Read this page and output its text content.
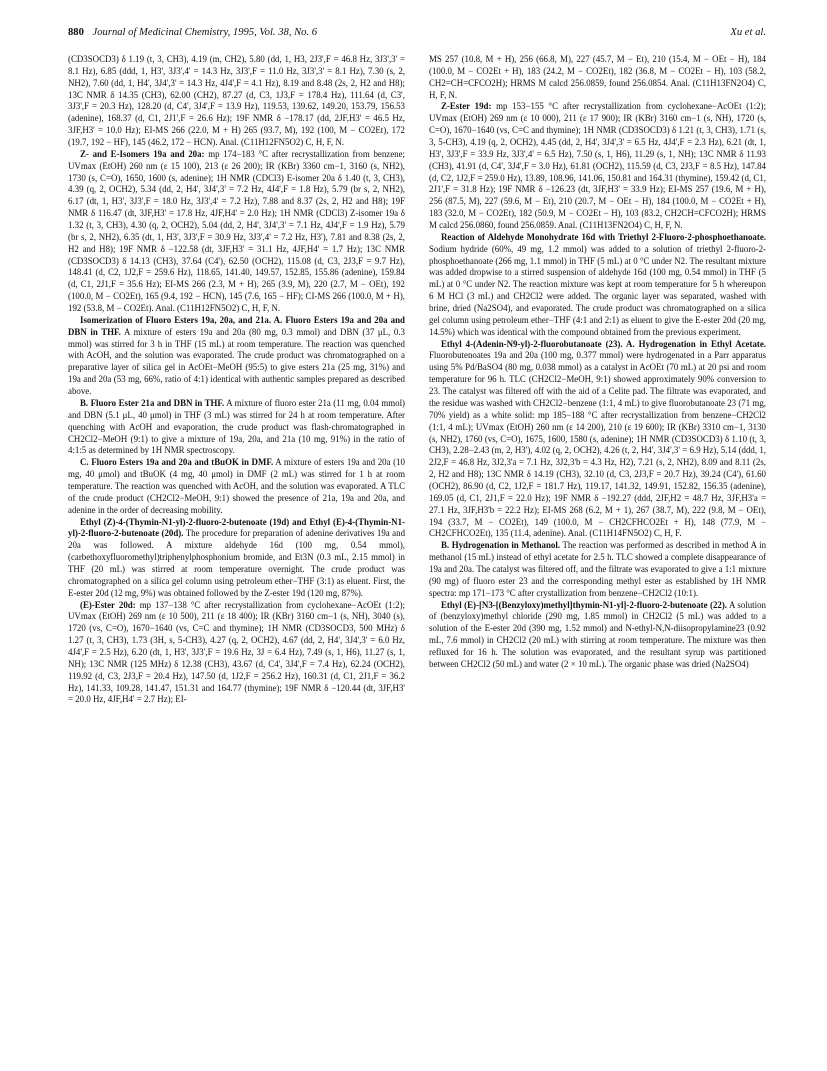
880 Journal of Medicinal Chemistry, 1995, Vol. 38, No. 6	Xu et al.

(CD3SOCD3) δ 1.19 (t, 3, CH3), 4.19 (m, CH2), 5.80 (dd, 1, H3, 2J3',F = 46.8 Hz, 3J3',3' = 8.1 Hz), 6.85 (ddd, 1, H3', 3J3',4' = 14.3 Hz, 3J3',F = 11.0 Hz, 3J3',3' = 8.1 Hz), 7.30 (s, 2, NH2), 7.60 (dd, 1, H4', 3J4',3' = 14.3 Hz, 4J4',F = 4.1 Hz), 8.19 and 8.48 (2s, 2, H2 and H8); 13C NMR δ 14.35 (CH3), 62.00 (CH2), 87.27 (d, C3, 1J3,F = 178.4 Hz), 111.64 (d, C3', 3J3',F = 20.3 Hz), 128.20 (d, C4', 3J4',F = 13.9 Hz), 119.53, 139.62, 149.20, 153.79, 156.53 (adenine), 168.37 (d, C1, 2J1',F = 26.6 Hz); 19F NMR δ −178.17 (dd, 2JF,H3' = 46.5 Hz, 3JF,H3' = 10.0 Hz); EI-MS 266 (22.0, M + H) 265 (93.7, M), 192 (100, M − CO2Et), 172 (19.7, 192 − HF), 145 (46.2, 172 − HCN). Anal. (C11H12FN5O2) C, H, F, N.

Z- and E-Isomers 19a and 20a: mp 174−183 °C after recrystallization from benzene; UVmax (EtOH) 260 nm (ε 15 100), 213 (ε 26 200); IR (KBr) 3360 cm−1, 3160 (s, NH2), 1730 (s, C=O), 1650, 1600 (s, adenine); 1H NMR (CDCl3) E-isomer 20a δ 1.40 (t, 3, CH3), 4.39 (q, 2, OCH2), 5.34 (dd, 2, H4', 3J4',3' = 7.2 Hz, 4J4',F = 1.8 Hz), 5.79 (br s, 2, NH2), 6.17 (dt, 1, H3', 3J3',F = 18.0 Hz, 3J3',4' = 7.2 Hz), 7.88 and 8.37 (2s, 2, H2 and H8); 19F NMR δ 116.47 (dt, 3JF,H3' = 17.8 Hz, 4JF,H4' = 2.0 Hz); 1H NMR (CDCl3) Z-isomer 19a δ 1.32 (t, 3, CH3), 4.30 (q, 2, OCH2), 5.04 (dd, 2, H4', 3J4',3' = 7.1 Hz, 4J4',F = 1.9 Hz), 5.79 (br s, 2, NH2), 6.35 (dt, 1, H3', 3J3',F = 30.9 Hz, 3J3',4' = 7.2 Hz, H3'), 7.81 and 8.38 (2s, 2, H2 and H8); 19F NMR δ −122.58 (dt, 3JF,H3' = 31.1 Hz, 4JF,H4' = 1.7 Hz); 13C NMR (CD3SOCD3) δ 14.13 (CH3), 37.64 (C4'), 62.50 (OCH2), 115.08 (d, C3, 2J3,F = 9.7 Hz), 148.41 (d, C2, 1J2,F = 259.6 Hz), 118.65, 141.40, 149.57, 152.85, 155.86 (adenine), 159.84 (d, C1, 2J1,F = 35.6 Hz); EI-MS 266 (2.3, M + H), 265 (3.9, M), 220 (2.7, M − OEt), 192 (100.0, M − CO2Et), 165 (9.4, 192 − HCN), 145 (7.6, 165 − HF); CI-MS 266 (100.0, M + H), 192 (53.8, M − CO2Et). Anal. (C11H12FN5O2) C, H, F, N.

Isomerization of Fluoro Esters 19a, 20a, and 21a. A. Fluoro Esters 19a and 20a and DBN in THF. A mixture of esters 19a and 20a (80 mg, 0.3 mmol) and DBN (37 μL, 0.3 mmol) was stirred for 3 h in THF (15 mL) at room temperature. The reaction was quenched with AcOH, and the solution was evaporated. The crude product was chromatographed on a preparative layer of silica gel in AcOEt−MeOH (95:5) to give esters 21a (25 mg, 31%) and 19a and 20a (53 mg, 66%, ratio of 4:1) identical with authentic samples prepared as described above.

B. Fluoro Ester 21a and DBN in THF. A mixture of fluoro ester 21a (11 mg, 0.04 mmol) and DBN (5.1 μL, 40 μmol) in THF (3 mL) was stirred for 24 h at room temperature. After quenching with AcOH and evaporation, the crude product was flash-chromatographed in CH2Cl2−MeOH (9:1) to give a mixture of 19a, 20a, and 21a (10 mg, 91%) in the ratio of 4:1:5 as determined by 1H NMR spectroscopy.

C. Fluoro Esters 19a and 20a and tBuOK in DMF. A mixture of esters 19a and 20a (10 mg, 40 μmol) and tBuOK (4 mg, 40 μmol) in DMF (2 mL) was stirred for 1 h at room temperature. The reaction was quenched with AcOH, and the solution was evaporated. A TLC of the crude product (CH2Cl2−MeOH, 9:1) showed the presence of 21a, 19a and 20a, and adenine in the order of decreasing mobility.

Ethyl (Z)-4-(Thymin-N1-yl)-2-fluoro-2-butenoate (19d) and Ethyl (E)-4-(Thymin-N1-yl)-2-fluoro-2-butenoate (20d). The procedure for preparation of adenine derivatives 19a and 20a was followed. A mixture aldehyde 16d (100 mg, 0.54 mmol), (carbethoxyfluoromethyl)triphenylphosphonium bromide, and Et3N (0.3 mL, 2.15 mmol) in THF (20 mL) was stirred at room temperature overnight. The crude product was chromatographed on a silica gel column using petroleum ether−THF (3:1) as eluent. First, the E-ester 20d (12 mg, 9%) was obtained followed by the Z-ester 19d (120 mg, 87%).

(E)-Ester 20d: mp 137−138 °C after recrystallization from cyclohexane−AcOEt (1:2); UVmax (EtOH) 269 nm (ε 10 500), 211 (ε 18 400); IR (KBr) 3160 cm−1 (s, NH), 3040 (s), 1720 (vs, C=O), 1670−1640 (vs, C=C and thymine); 1H NMR (CD3SOCD3, 500 MHz) δ 1.27 (t, 3, CH3), 1.73 (3H, s, 5-CH3), 4.27 (q, 2, OCH2), 4.67 (dd, 2, H4', 3J4',3' = 6.0 Hz, 4J4',F = 2.5 Hz), 6.20 (dt, 1, H3', 3J3',F = 19.6 Hz, 3J = 6.4 Hz), 7.49 (s, 1, H6), 11.27 (s, 1, NH); 13C NMR (125 MHz) δ 12.38 (CH3), 43.67 (d, C4', 3J4',F = 7.4 Hz), 62.24 (OCH2), 119.92 (d, C3, 2J3,F = 20.4 Hz), 147.50 (d, 1J2,F = 256.2 Hz), 160.31 (d, C1, 2J1,F = 36.2 Hz), 141.33, 109.28, 141.47, 151.31 and 164.77 (thymine); 19F NMR δ −120.44 (dt, 3JF,H3' = 20.0 Hz, 4JF,H4' = 2.7 Hz); EI-

MS 257 (10.8, M + H), 256 (66.8, M), 227 (45.7, M − Et), 210 (15.4, M − OEt − H), 184 (100.0, M − CO2Et + H), 183 (24.2, M − CO2Et), 182 (36.8, M − CO2Et − H), 103 (58.2, CH2=CH=CFCO2H); HRMS M calcd 256.0859, found 256.0854. Anal. (C11H13FN2O4) C, H, F, N.

Z-Ester 19d: mp 153−155 °C after recrystallization from cyclohexane−AcOEt (1:2); UVmax (EtOH) 269 nm (ε 10 000), 211 (ε 17 900); IR (KBr) 3160 cm−1 (s, NH), 1720 (s, C=O), 1670−1640 (vs, C=C and thymine); 1H NMR (CD3SOCD3) δ 1.21 (t, 3, CH3), 1.71 (s, 3, 5-CH3), 4.19 (q, 2, OCH2), 4.45 (dd, 2, H4', 3J4',3' = 6.5 Hz, 4J4',F = 2.3 Hz), 6.21 (dt, 1, H3', 3J3',F = 33.9 Hz, 3J3',4' = 6.5 Hz), 7.50 (s, 1, H6), 11.29 (s, 1, NH); 13C NMR δ 11.93 (CH3), 41.91 (d, C4', 3J4',F = 3.0 Hz), 61.81 (OCH2), 115.59 (d, C3, 2J3,F = 8.5 Hz), 147.84 (d, C2, 1J2,F = 259.0 Hz), 13.89, 108.96, 141.06, 150.81 and 164.31 (thymine), 159.42 (d, C1, 2J1',F = 31.8 Hz); 19F NMR δ −126.23 (dt, 3JF,H3' = 33.9 Hz); EI-MS 257 (19.6, M + H), 256 (87.5, M), 227 (59.6, M − Et), 210 (20.7, M − OEt − H), 184 (100.0, M − CO2Et + H), 183 (32.0, M − CO2Et), 182 (50.9, M − CO2Et − H), 103 (83.2, CH2CH=CFCO2H); HRMS M calcd 256.0860, found 256.0859. Anal. (C11H13FN2O4) C, H, F, N.

Reaction of Aldehyde Monohydrate 16d with Triethyl 2-Fluoro-2-phosphoethanoate. Sodium hydride (60%, 49 mg, 1.2 mmol) was added to a solution of triethyl 2-fluoro-2-phosphoethanoate (266 mg, 1.1 mmol) in THF (5 mL) at 0 °C under N2. The resultant mixture was added dropwise to a stirred suspension of aldehyde 16d (100 mg, 0.54 mmol) in THF (5 mL) at 0 °C under N2. The reaction mixture was kept at room temperature for 5 h whereupon 6 M HCl (3 mL) and CH2Cl2 were added. The organic layer was separated, washed with brine, dried (Na2SO4), and evaporated. The crude product was chromatographed on a silica gel column using petroleum ether−THF (4:1 and 2:1) as eluent to give the E-ester 20d (20 mg, 14.5%) which was identical with the compound obtained from the previous experiment.

Ethyl 4-(Adenin-N9-yl)-2-fluorobutanoate (23). A. Hydrogenation in Ethyl Acetate. Fluorobutenoates 19a and 20a (100 mg, 0.377 mmol) were hydrogenated in a Parr apparatus using 5% Pd/BaSO4 (80 mg, 0.038 mmol) as a catalyst in AcOEt (70 mL) at 20 psi and room temperature for 96 h. TLC (CH2Cl2−MeOH, 9:1) showed approximately 90% conversion to 23. The catalyst was filtered off with the aid of a Celite pad. The filtrate was evaporated, and the residue was washed with CH2Cl2−benzene (1:1, 4 mL) to give fluorobutanoate 23 (71 mg, 70% yield) as a white solid: mp 185−188 °C after recrystallization from benzene−CH2Cl2 (1:1, 4 mL); UVmax (EtOH) 260 nm (ε 14 200), 210 (ε 19 600); IR (KBr) 3310 cm−1, 3130 (s, NH2), 1760 (vs, C=O), 1675, 1600, 1580 (s, adenine); 1H NMR (CD3SOCD3) δ 1.10 (t, 3, CH3), 2.28−2.43 (m, 2, H3'), 4.02 (q, 2, OCH2), 4.26 (t, 2, H4', 3J4',3' = 6.9 Hz), 5.14 (ddd, 1, 2J2,F = 46.8 Hz, 3J2,3'a = 7.1 Hz, 3J2,3'b = 4.3 Hz, H2), 7.21 (s, 2, NH2), 8.09 and 8.11 (2s, 2, H2 and H8); 13C NMR δ 14.19 (CH3), 32.10 (d, C3, 2J3,F = 20.7 Hz), 39.24 (C4'), 61.60 (OCH2), 86.90 (d, C2, 1J2,F = 181.7 Hz), 119.17, 141.32, 149.91, 152.82, 156.35 (adenine), 169.05 (d, C1, 2J1,F = 22.0 Hz); 19F NMR δ −192.27 (ddd, 2JF,H2 = 48.7 Hz, 3JF,H3'a = 27.1 Hz, 3JF,H3'b = 22.2 Hz); EI-MS 268 (6.2, M + 1), 267 (38.7, M), 222 (9.8, M − OEt), 194 (33.7, M − CO2Et), 149 (100.0, M − CH2CFHCO2Et + H), 148 (77.9, M − CH2CFHCO2Et), 135 (11.4, adenine). Anal. (C11H14FN5O2) C, H, F.

B. Hydrogenation in Methanol. The reaction was performed as described in method A in methanol (15 mL) instead of ethyl acetate for 2.5 h. TLC showed a complete disappearance of 19a and 20a. The catalyst was filtered off, and the filtrate was evaporated to give a 1:1 mixture (90 mg) of fluoro ester 23 and the corresponding methyl ester as established by 1H NMR spectra: mp 171−173 °C after crystallization from benzene−CH2Cl2 (10:1).

Ethyl (E)-[N3-[(Benzyloxy)methyl]thymin-N1-yl]-2-fluoro-2-butenoate (22). A solution of (benzyloxy)methyl chloride (290 mg, 1.85 mmol) in CH2Cl2 (5 mL) was added to a solution of the E-ester 20d (390 mg, 1.52 mmol) and N-ethyl-N,N-diisopropylamine23 (0.92 mL, 7.6 mmol) in CH2Cl2 (20 mL) with stirring at room temperature. The mixture was then refluxed for 16 h. The solution was evaporated, and the resultant syrup was partitioned between CH2Cl2 (50 mL) and water (2 × 10 mL). The organic phase was dried (Na2SO4)
